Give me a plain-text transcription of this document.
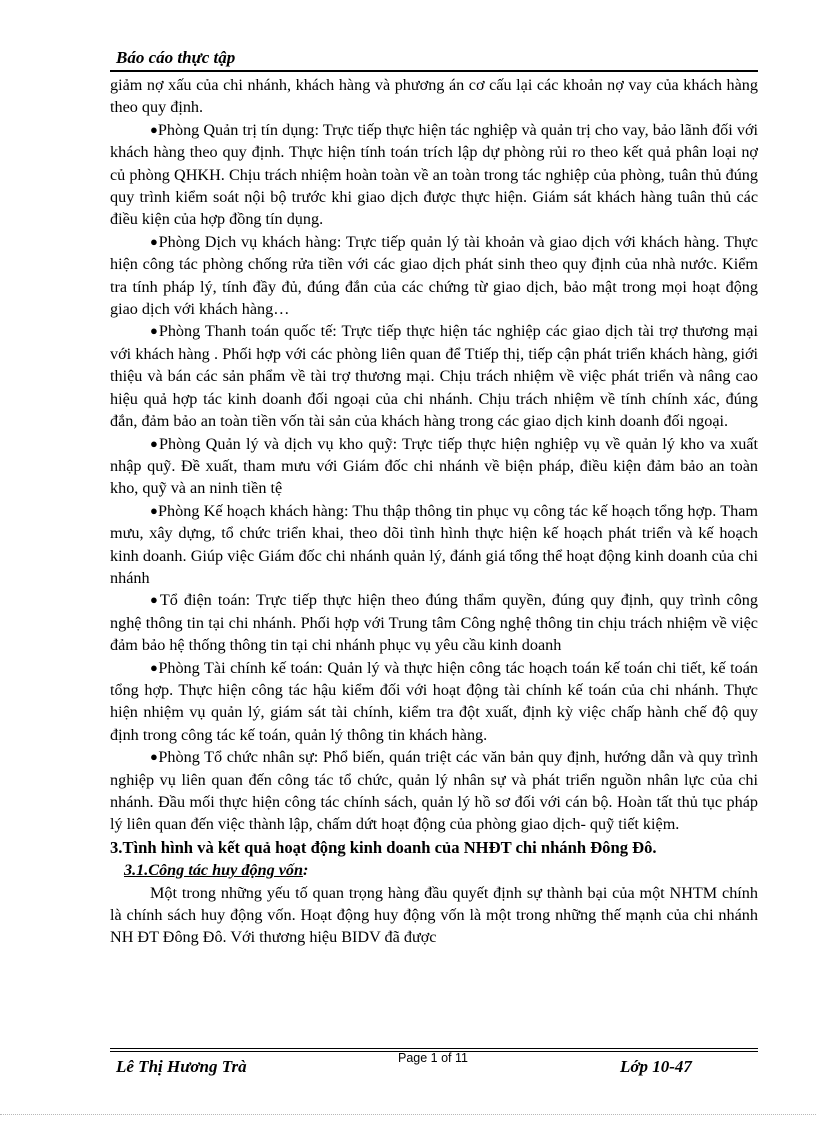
Báo cáo thực tập

giảm nợ xấu của chi nhánh, khách hàng và phương án cơ cấu lại các khoản nợ vay của khách hàng theo quy định.

●Phòng Quản trị tín dụng: Trực tiếp thực hiện tác nghiệp và quản trị cho vay, bảo lãnh đối với khách hàng theo quy định. Thực hiện tính toán trích lập dự phòng rủi ro theo kết quả phân loại nợ củ phòng QHKH. Chịu trách nhiệm hoàn toàn về an toàn trong tác nghiệp của phòng, tuân thủ đúng quy trình kiểm soát nội bộ trước khi giao dịch được thực hiện. Giám sát khách hàng tuân thủ các điều kiện của hợp đồng tín dụng.

●Phòng Dịch vụ khách hàng: Trực tiếp quản lý tài khoản và giao dịch với khách hàng. Thực hiện công tác phòng chống rửa tiền với các giao dịch phát sinh theo quy định của nhà nước. Kiểm tra tính pháp lý, tính đầy đủ, đúng đắn của các chứng từ giao dịch, bảo mật trong mọi hoạt động giao dịch với khách hàng…

●Phòng Thanh toán quốc tế: Trực tiếp thực hiện tác nghiệp các giao dịch tài trợ thương mại với khách hàng . Phối hợp với các phòng liên quan để Ttiếp thị, tiếp cận phát triển khách hàng, giới thiệu và bán các sản phẩm về tài trợ thương mại. Chịu trách nhiệm về việc phát triển và nâng cao hiệu quả hợp tác kinh doanh đối ngoại của chi nhánh. Chịu trách nhiệm về tính chính xác, đúng đắn, đảm bảo an toàn tiền vốn tài sản của khách hàng trong các giao dịch kinh doanh đối ngoại.

●Phòng Quản lý và dịch vụ kho quỹ: Trực tiếp thực hiện nghiệp vụ về quản lý kho va xuất nhập quỹ. Đề xuất, tham mưu với Giám đốc chi nhánh về biện pháp, điều kiện đảm bảo an toàn kho, quỹ và an ninh tiền tệ

●Phòng Kế hoạch khách hàng: Thu thập thông tin phục vụ công tác kế hoạch tổng hợp. Tham mưu, xây dựng, tổ chức triển khai, theo dõi tình hình thực hiện kế hoạch phát triển và kế hoạch kinh doanh. Giúp việc Giám đốc chi nhánh quản lý, đánh giá tổng thể hoạt động kinh doanh của chi nhánh

●Tổ điện toán: Trực tiếp thực hiện theo đúng thẩm quyền, đúng quy định, quy trình công nghệ thông tin tại chi nhánh. Phối hợp với Trung tâm Công nghệ thông tin chịu trách nhiệm về việc đảm bảo hệ thống thông tin tại chi nhánh phục vụ yêu cầu kinh doanh

●Phòng Tài chính kế toán: Quản lý và thực hiện công tác hoạch toán kế toán chi tiết, kế toán tổng hợp. Thực hiện công tác hậu kiểm đối với hoạt động tài chính kế toán của chi nhánh. Thực hiện nhiệm vụ quản lý, giám sát tài chính, kiểm tra đột xuất, định kỳ việc chấp hành chế độ quy định trong công tác kế toán, quản lý thông tin khách hàng.

●Phòng Tổ chức nhân sự: Phổ biến, quán triệt các văn bản quy định, hướng dẫn và quy trình nghiệp vụ liên quan đến công tác tổ chức, quản lý nhân sự và phát triển nguồn nhân lực của chi nhánh. Đầu mối thực hiện công tác chính sách, quản lý hồ sơ đối với cán bộ. Hoàn tất thủ tục pháp lý liên quan đến việc thành lập, chấm dứt hoạt động của phòng giao dịch- quỹ tiết kiệm.

3.Tình hình và kết quả hoạt động kinh doanh của NHĐT chi nhánh Đông Đô.

3.1.Công tác huy động vốn:

Một trong những yếu tố quan trọng hàng đầu quyết định sự thành bại của một NHTM chính là chính sách huy động vốn. Hoạt động huy động vốn là một trong những thế mạnh của chi nhánh NH ĐT Đông Đô. Với thương hiệu BIDV đã được

Lê Thị Hương Trà	Page 1 of 11	Lớp 10-47
